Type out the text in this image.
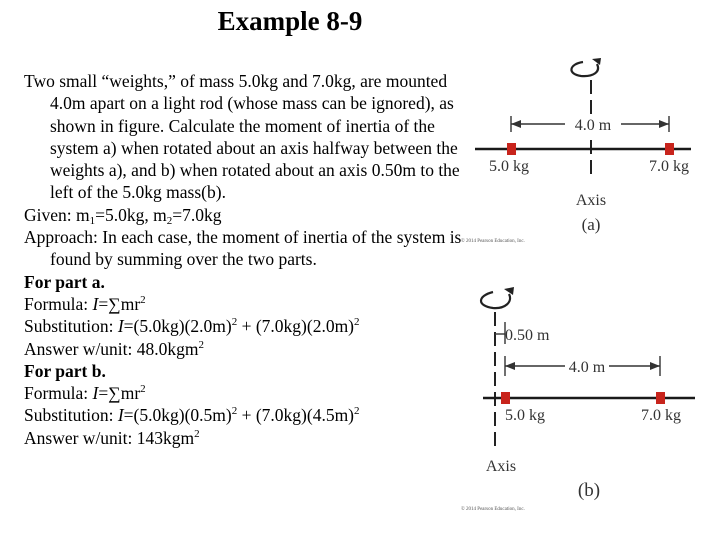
Example 8-9

Two small “weights,” of mass 5.0kg and 7.0kg, are mounted 4.0m apart on a light rod (whose mass can be ignored), as shown in figure. Calculate the moment of inertia of the system a) when rotated about an axis halfway between the weights a), and b) when rotated about an axis 0.50m to the left of the 5.0kg mass(b).

Given: $m_1=5.0kg$, $m_2=7.0kg$

Approach: In each case, the moment of inertia of the system is found by summing over the two parts.

For part a.

Formula: $I=\sum mr^2$

Substitution: $I=(5.0kg)(2.0m)^2 + (7.0kg)(2.0m)^2$

Answer w/unit: 48.0kgm$^2$

For part b.

Formula: $I=\sum mr^2$

Substitution: $I=(5.0kg)(0.5m)^2 + (7.0kg)(4.5m)^2$

Answer w/unit: 143kgm$^2$

4.0 m
5.0 kg	7.0 kg
Axis
(a)
© 2014 Pearson Education, Inc.
0.50 m
4.0 m
5.0 kg	7.0 kg
Axis
(b)
© 2014 Pearson Education, Inc.
